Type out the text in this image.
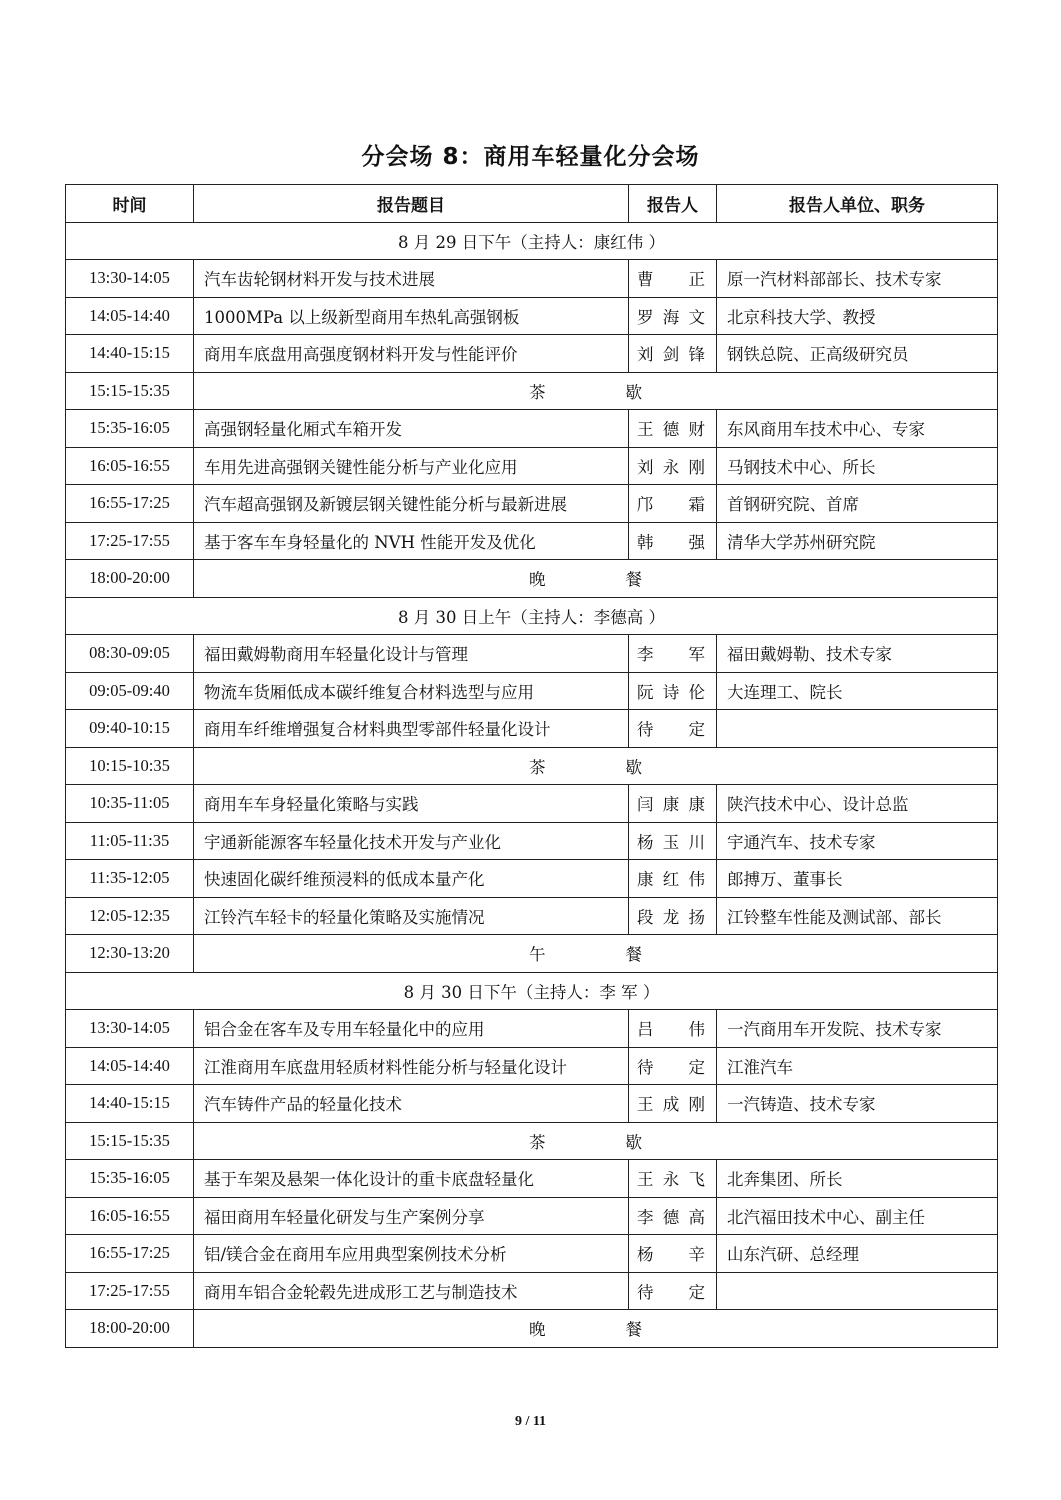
分会场 8：商用车轻量化分会场
时间	报告题目	报告人	报告人单位、职务
8 月 29 日下午（主持人：康红伟 ）			
13:30-14:05	汽车齿轮钢材料开发与技术进展	曹正	原一汽材料部部长、技术专家
14:05-14:40	1000MPa 以上级新型商用车热轧高强钢板	罗海文	北京科技大学、教授
14:40-15:15	商用车底盘用高强度钢材料开发与性能评价	刘剑锋	钢铁总院、正高级研究员
15:15-15:35	茶歇		
15:35-16:05	高强钢轻量化厢式车箱开发	王德财	东风商用车技术中心、专家
16:05-16:55	车用先进高强钢关键性能分析与产业化应用	刘永刚	马钢技术中心、所长
16:55-17:25	汽车超高强钢及新镀层钢关键性能分析与最新进展	邝霜	首钢研究院、首席
17:25-17:55	基于客车车身轻量化的 NVH 性能开发及优化	韩强	清华大学苏州研究院
18:00-20:00	晚餐		
8 月 30 日上午（主持人：李德高 ）			
08:30-09:05	福田戴姆勒商用车轻量化设计与管理	李军	福田戴姆勒、技术专家
09:05-09:40	物流车货厢低成本碳纤维复合材料选型与应用	阮诗伦	大连理工、院长
09:40-10:15	商用车纤维增强复合材料典型零部件轻量化设计	待定	
10:15-10:35	茶歇		
10:35-11:05	商用车车身轻量化策略与实践	闫康康	陕汽技术中心、设计总监
11:05-11:35	宇通新能源客车轻量化技术开发与产业化	杨玉川	宇通汽车、技术专家
11:35-12:05	快速固化碳纤维预浸料的低成本量产化	康红伟	郎搏万、董事长
12:05-12:35	江铃汽车轻卡的轻量化策略及实施情况	段龙扬	江铃整车性能及测试部、部长
12:30-13:20	午餐		
8 月 30 日下午（主持人：李 军 ）			
13:30-14:05	铝合金在客车及专用车轻量化中的应用	吕伟	一汽商用车开发院、技术专家
14:05-14:40	江淮商用车底盘用轻质材料性能分析与轻量化设计	待定	江淮汽车
14:40-15:15	汽车铸件产品的轻量化技术	王成刚	一汽铸造、技术专家
15:15-15:35	茶歇		
15:35-16:05	基于车架及悬架一体化设计的重卡底盘轻量化	王永飞	北奔集团、所长
16:05-16:55	福田商用车轻量化研发与生产案例分享	李德高	北汽福田技术中心、副主任
16:55-17:25	铝/镁合金在商用车应用典型案例技术分析	杨辛	山东汽研、总经理
17:25-17:55	商用车铝合金轮毂先进成形工艺与制造技术	待定	
18:00-20:00	晚餐		
9 / 11
